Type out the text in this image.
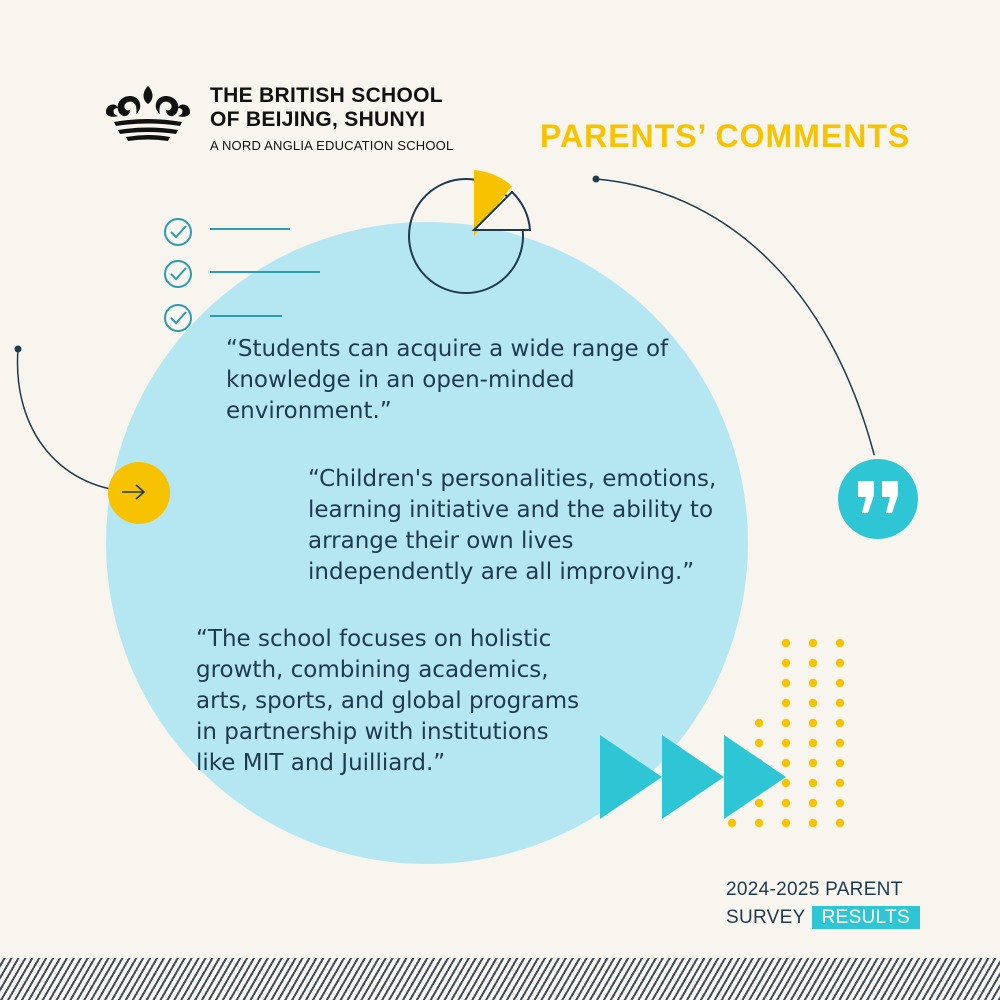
THE BRITISH SCHOOL
OF BEIJING, SHUNYI
A NORD ANGLIA EDUCATION SCHOOL	PARENTS’ COMMENTS
“Students can acquire a wide range of
knowledge in an open-minded
environment.”
“Children's personalities, emotions,
learning initiative and the ability to
arrange their own lives
independently are all improving.”
“The school focuses on holistic
growth, combining academics,
arts, sports, and global programs
in partnership with institutions
like MIT and Juilliard.”
2024-2025 PARENT
SURVEY RESULTS
